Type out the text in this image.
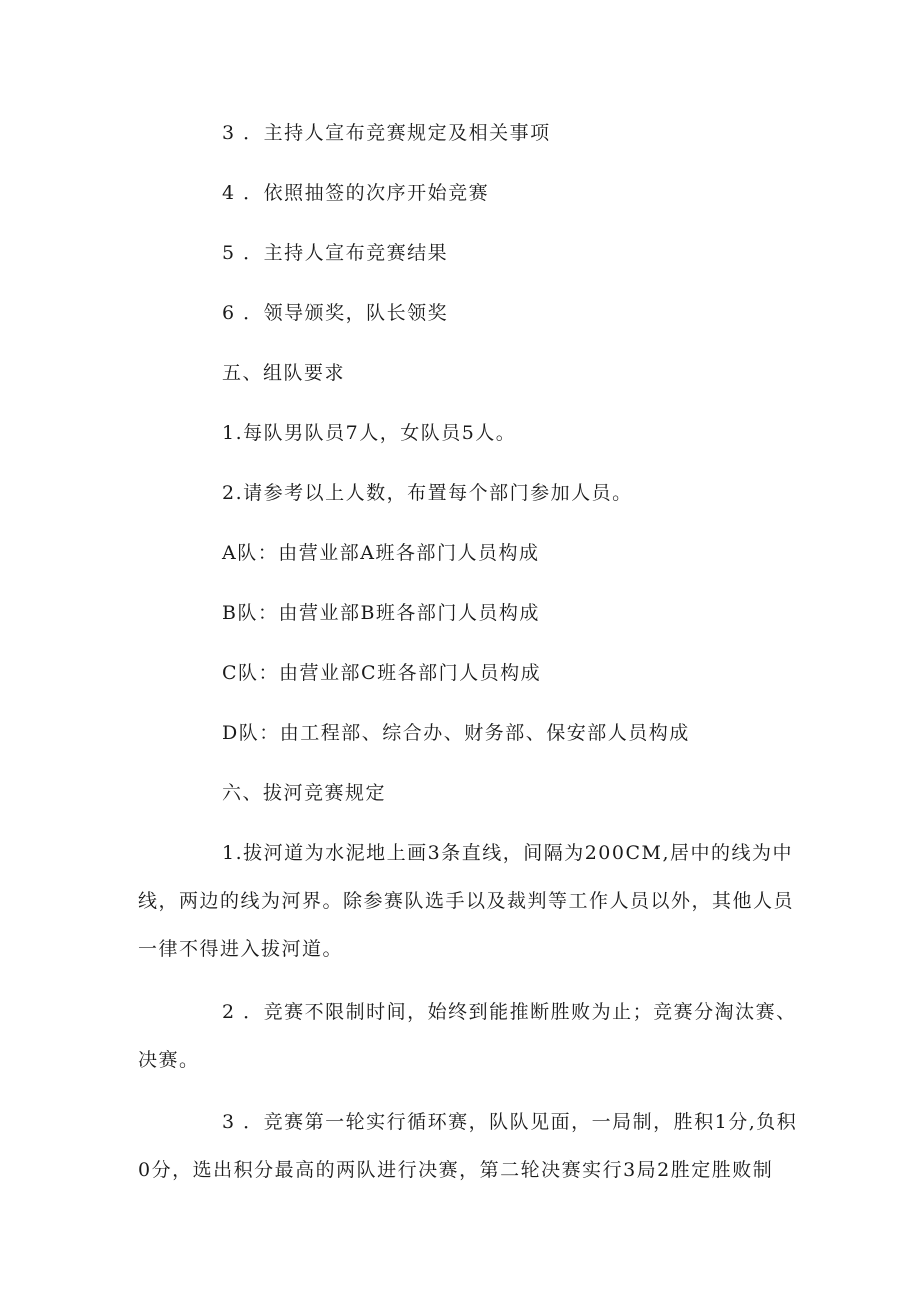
3 ．主持人宣布竞赛规定及相关事项
4 ．依照抽签的次序开始竞赛
5 ．主持人宣布竞赛结果
6 ．领导颁奖，队长领奖
五、组队要求
1.每队男队员7人，女队员5人。
2.请参考以上人数，布置每个部门参加人员。
A队：由营业部A班各部门人员构成
B队：由营业部B班各部门人员构成
C队：由营业部C班各部门人员构成
D队：由工程部、综合办、财务部、保安部人员构成
六、拔河竞赛规定
1.拔河道为水泥地上画3条直线，间隔为200CM,居中的线为中
线，两边的线为河界。除参赛队选手以及裁判等工作人员以外，其他人员
一律不得进入拔河道。
2 ．竞赛不限制时间，始终到能推断胜败为止；竞赛分淘汰赛、
决赛。
3 ．竞赛第一轮实行循环赛，队队见面，一局制，胜积1分,负积
0分，选出积分最高的两队进行决赛，第二轮决赛实行3局2胜定胜败制
